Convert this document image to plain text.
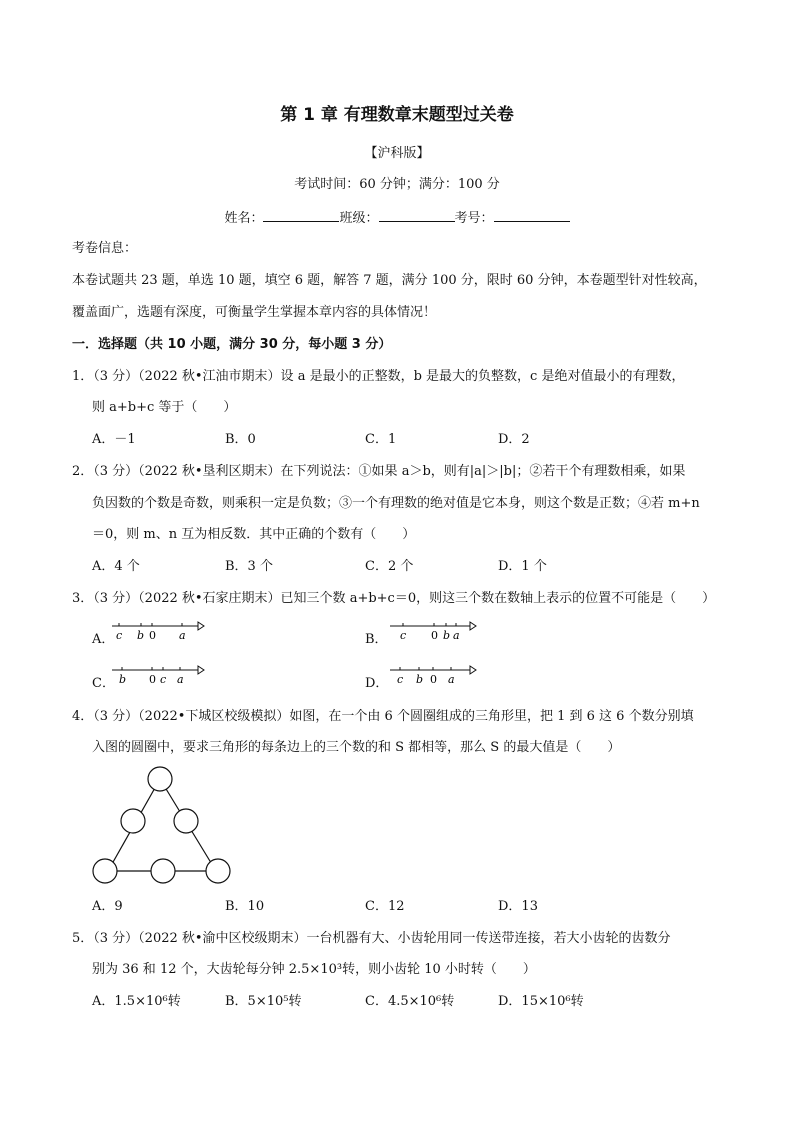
第 1 章 有理数章末题型过关卷
【沪科版】
考试时间：60 分钟；满分：100 分
姓名：	班级：	考号：
考卷信息：
本卷试题共 23 题，单选 10 题，填空 6 题，解答 7 题，满分 100 分，限时 60 分钟，本卷题型针对性较高，
覆盖面广，选题有深度，可衡量学生掌握本章内容的具体情况！
一．选择题（共 10 小题，满分 30 分，每小题 3 分）
1．（3 分）（2022 秋•江油市期末）设 a 是最小的正整数，b 是最大的负整数，c 是绝对值最小的有理数，
则 a+b+c 等于（　　）
A．－1	B．0	C．1	D．2
2．（3 分）（2022 秋•垦利区期末）在下列说法：①如果 a＞b，则有|a|＞|b|；②若干个有理数相乘，如果
负因数的个数是奇数，则乘积一定是负数；③一个有理数的绝对值是它本身，则这个数是正数；④若 m+n
＝0，则 m、n 互为相反数．其中正确的个数有（　　）
A．4 个	B．3 个	C．2 个	D．1 个
3．（3 分）（2022 秋•石家庄期末）已知三个数 a+b+c＝0，则这三个数在数轴上表示的位置不可能是（　　）
A． c b 0 a	B． c 0 b a
C． b 0 c a	D． c b 0 a
4．（3 分）（2022•下城区校级模拟）如图，在一个由 6 个圆圈组成的三角形里，把 1 到 6 这 6 个数分别填
入图的圆圈中，要求三角形的每条边上的三个数的和 S 都相等，那么 S 的最大值是（　　）
A．9	B．10	C．12	D．13
5．（3 分）（2022 秋•渝中区校级期末）一台机器有大、小齿轮用同一传送带连接，若大小齿轮的齿数分
别为 36 和 12 个，大齿轮每分钟 2.5×10³转，则小齿轮 10 小时转（　　）
A．1.5×10⁶转	B．5×10⁵转	C．4.5×10⁶转	D．15×10⁶转
